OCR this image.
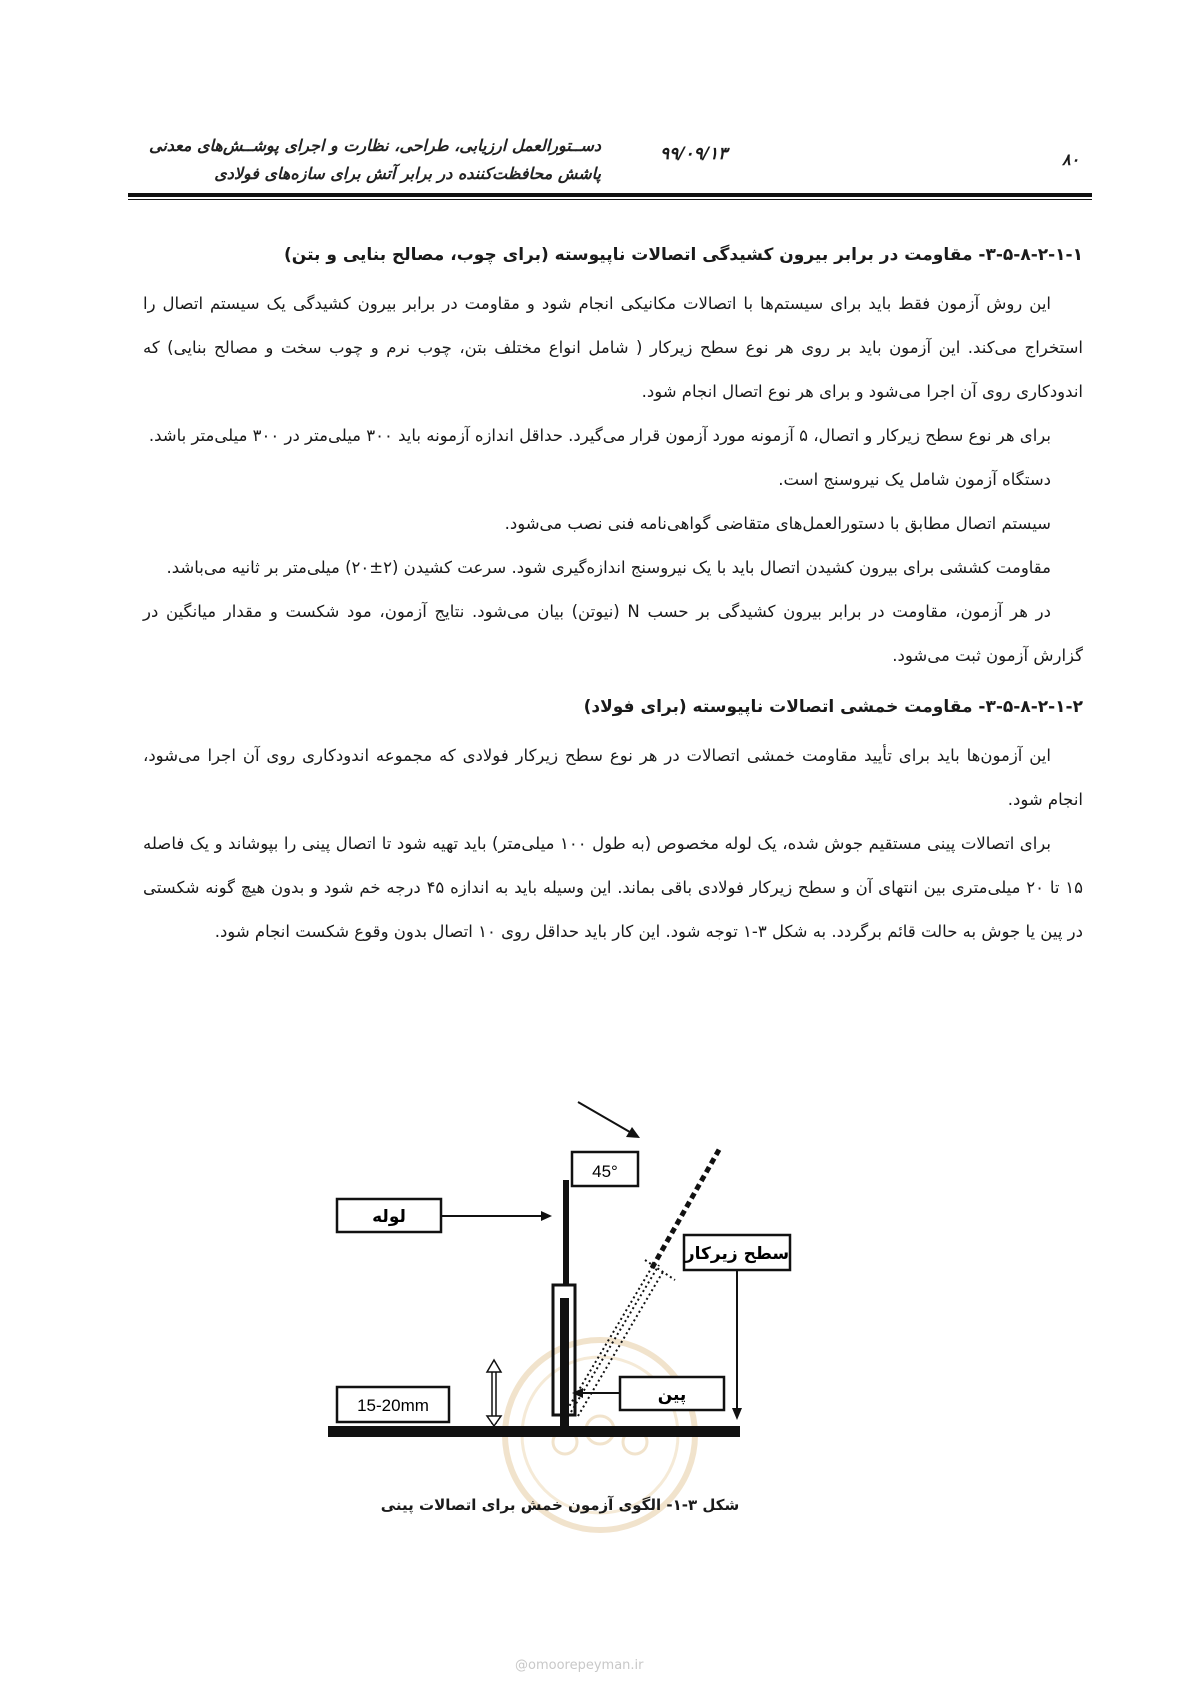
دســتورالعمل ارزیابی، طراحی، نظارت و اجرای پوشــش‌های معدنی
پاشش محافظت‌کننده در برابر آتش برای سازه‌های فولادی
۹۹/۰۹/۱۳	۸۰
۳-۵-۸-۲-۱-۱- مقاومت در برابر بیرون کشیدگی اتصالات ناپیوسته (برای چوب، مصالح بنایی و بتن)

این روش آزمون فقط باید برای سیستم‌ها با اتصالات مکانیکی انجام شود و مقاومت در برابر بیرون کشیدگی یک سیستم اتصال را استخراج می‌کند. این آزمون باید بر روی هر نوع سطح زیرکار ( شامل انواع مختلف بتن، چوب نرم و چوب سخت و مصالح بنایی) که اندودکاری روی آن اجرا می‌شود و برای هر نوع اتصال انجام شود.

برای هر نوع سطح زیرکار و اتصال، ۵ آزمونه مورد آزمون قرار می‌گیرد. حداقل اندازه آزمونه باید ۳۰۰ میلی‌متر در ۳۰۰ میلی‌متر باشد.

دستگاه آزمون شامل یک نیروسنج است.

سیستم اتصال مطابق با دستورالعمل‌های متقاضی گواهی‌نامه فنی نصب می‌شود.

مقاومت کششی برای بیرون کشیدن اتصال باید با یک نیروسنج اندازه‌گیری شود. سرعت کشیدن (۲±۲۰) میلی‌متر بر ثانیه می‌باشد.

در هر آزمون، مقاومت در برابر بیرون کشیدگی بر حسب N (نیوتن) بیان می‌شود. نتایج آزمون، مود شکست و مقدار میانگین در گزارش آزمون ثبت می‌شود.

۳-۵-۸-۲-۱-۲- مقاومت خمشی اتصالات ناپیوسته (برای فولاد)

این آزمون‌ها باید برای تأیید مقاومت خمشی اتصالات در هر نوع سطح زیرکار فولادی که مجموعه اندودکاری روی آن اجرا می‌شود، انجام شود.

برای اتصالات پینی مستقیم جوش شده، یک لوله مخصوص (به طول ۱۰۰ میلی‌متر) باید تهیه شود تا اتصال پینی را بپوشاند و یک فاصله ۱۵ تا ۲۰ میلی‌متری بین انتهای آن و سطح زیرکار فولادی باقی بماند. این وسیله باید به اندازه ۴۵ درجه خم شود و بدون هیچ گونه شکستی در پین یا جوش به حالت قائم برگردد. به شکل ۳-۱ توجه شود. این کار باید حداقل روی ۱۰ اتصال بدون وقوع شکست انجام شود.

45°
لوله
سطح زیرکار
پین
15-20mm
شکل ۳-۱- الگوی آزمون خمش برای اتصالات پینی
@omoorepeyman.ir
